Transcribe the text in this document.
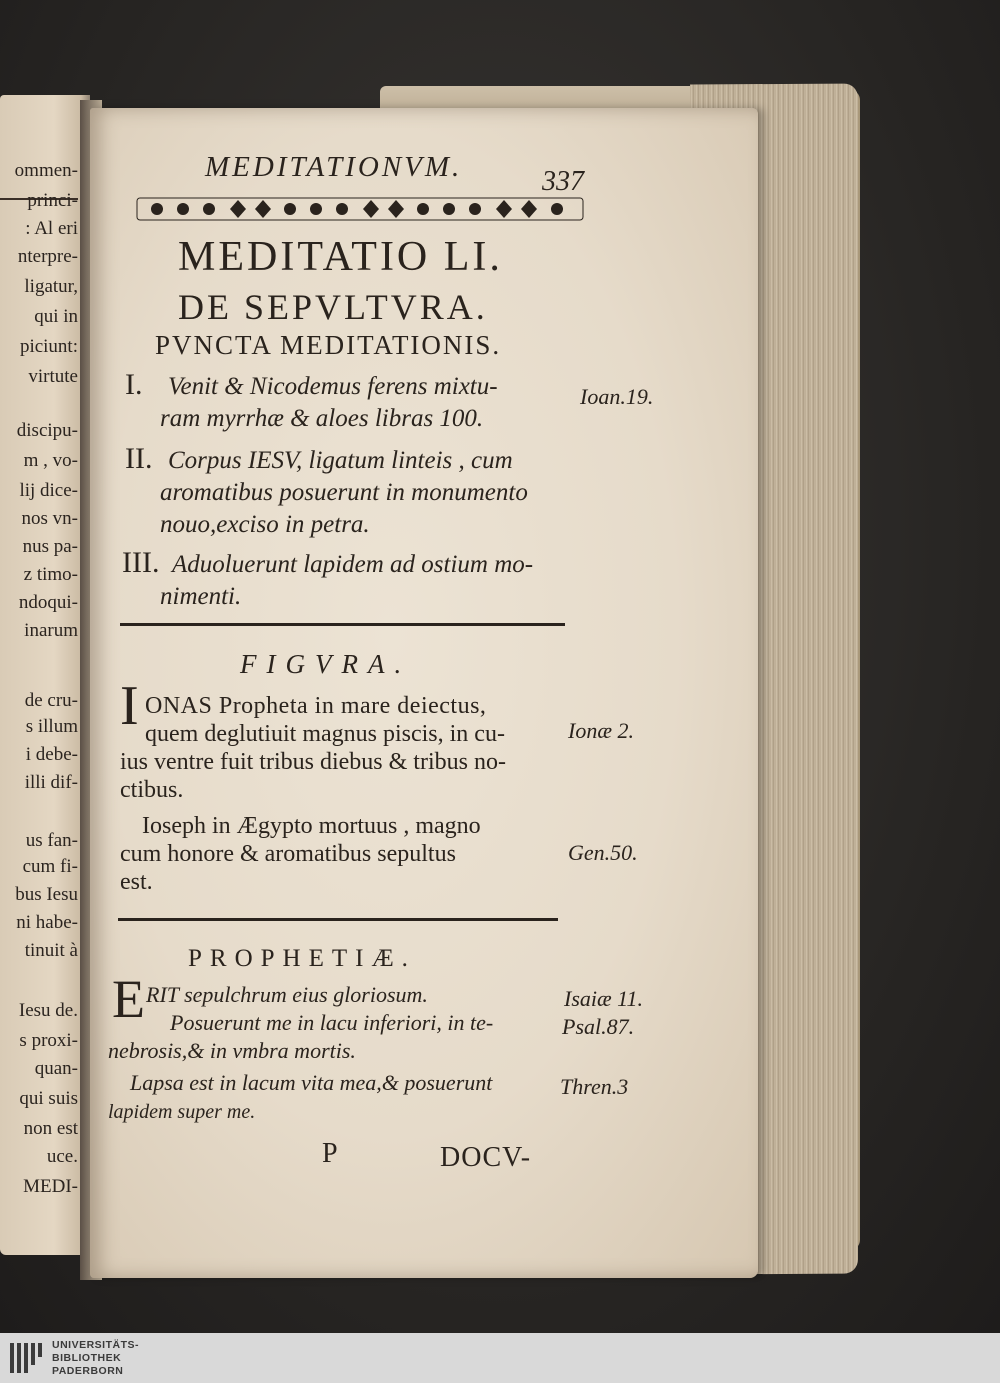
ommen-
princi-
: Al eri
nterpre-
ligatur,
qui in
piciunt:
virtute
discipu-
m , vo-
lij dice-
nos vn-
nus pa-
z timo-
ndoqui-
inarum
de cru-
s illum
i debe-
illi dif-
us fan-
cum fi-
bus Iesu
ni habe-
tinuit à
Iesu de.
s proxi-
quan-
qui suis
non est
uce.
MEDI-
MEDITATIONVM.	337
MEDITATIO LI.
DE SEPVLTVRA.
PVNCTA MEDITATIONIS.
I. Venit & Nicodemus ferens mixtu-
ram myrrhæ & aloes libras 100.
Ioan.19.
II. Corpus IESV, ligatum linteis , cum
aromatibus posuerunt in monumento
nouo,exciso in petra.
III. Aduoluerunt lapidem ad ostium mo-
nimenti.
FIGVRA.
I ONAS Propheta in mare deiectus,
quem deglutiuit magnus piscis, in cu-
ius ventre fuit tribus diebus & tribus no-
ctibus.
Ionæ 2.
Ioseph in Ægypto mortuus , magno
cum honore & aromatibus sepultus
est.
Gen.50.
PROPHETIÆ.
E RIT sepulchrum eius gloriosum.	Isaiæ 11.
Posuerunt me in lacu inferiori, in te-	Psal.87.
nebrosis,& in vmbra mortis.
Lapsa est in lacum vita mea,& posuerunt	Thren.3
lapidem super me.
P	DOCV-
UNIVERSITÄTS-
BIBLIOTHEK
PADERBORN
